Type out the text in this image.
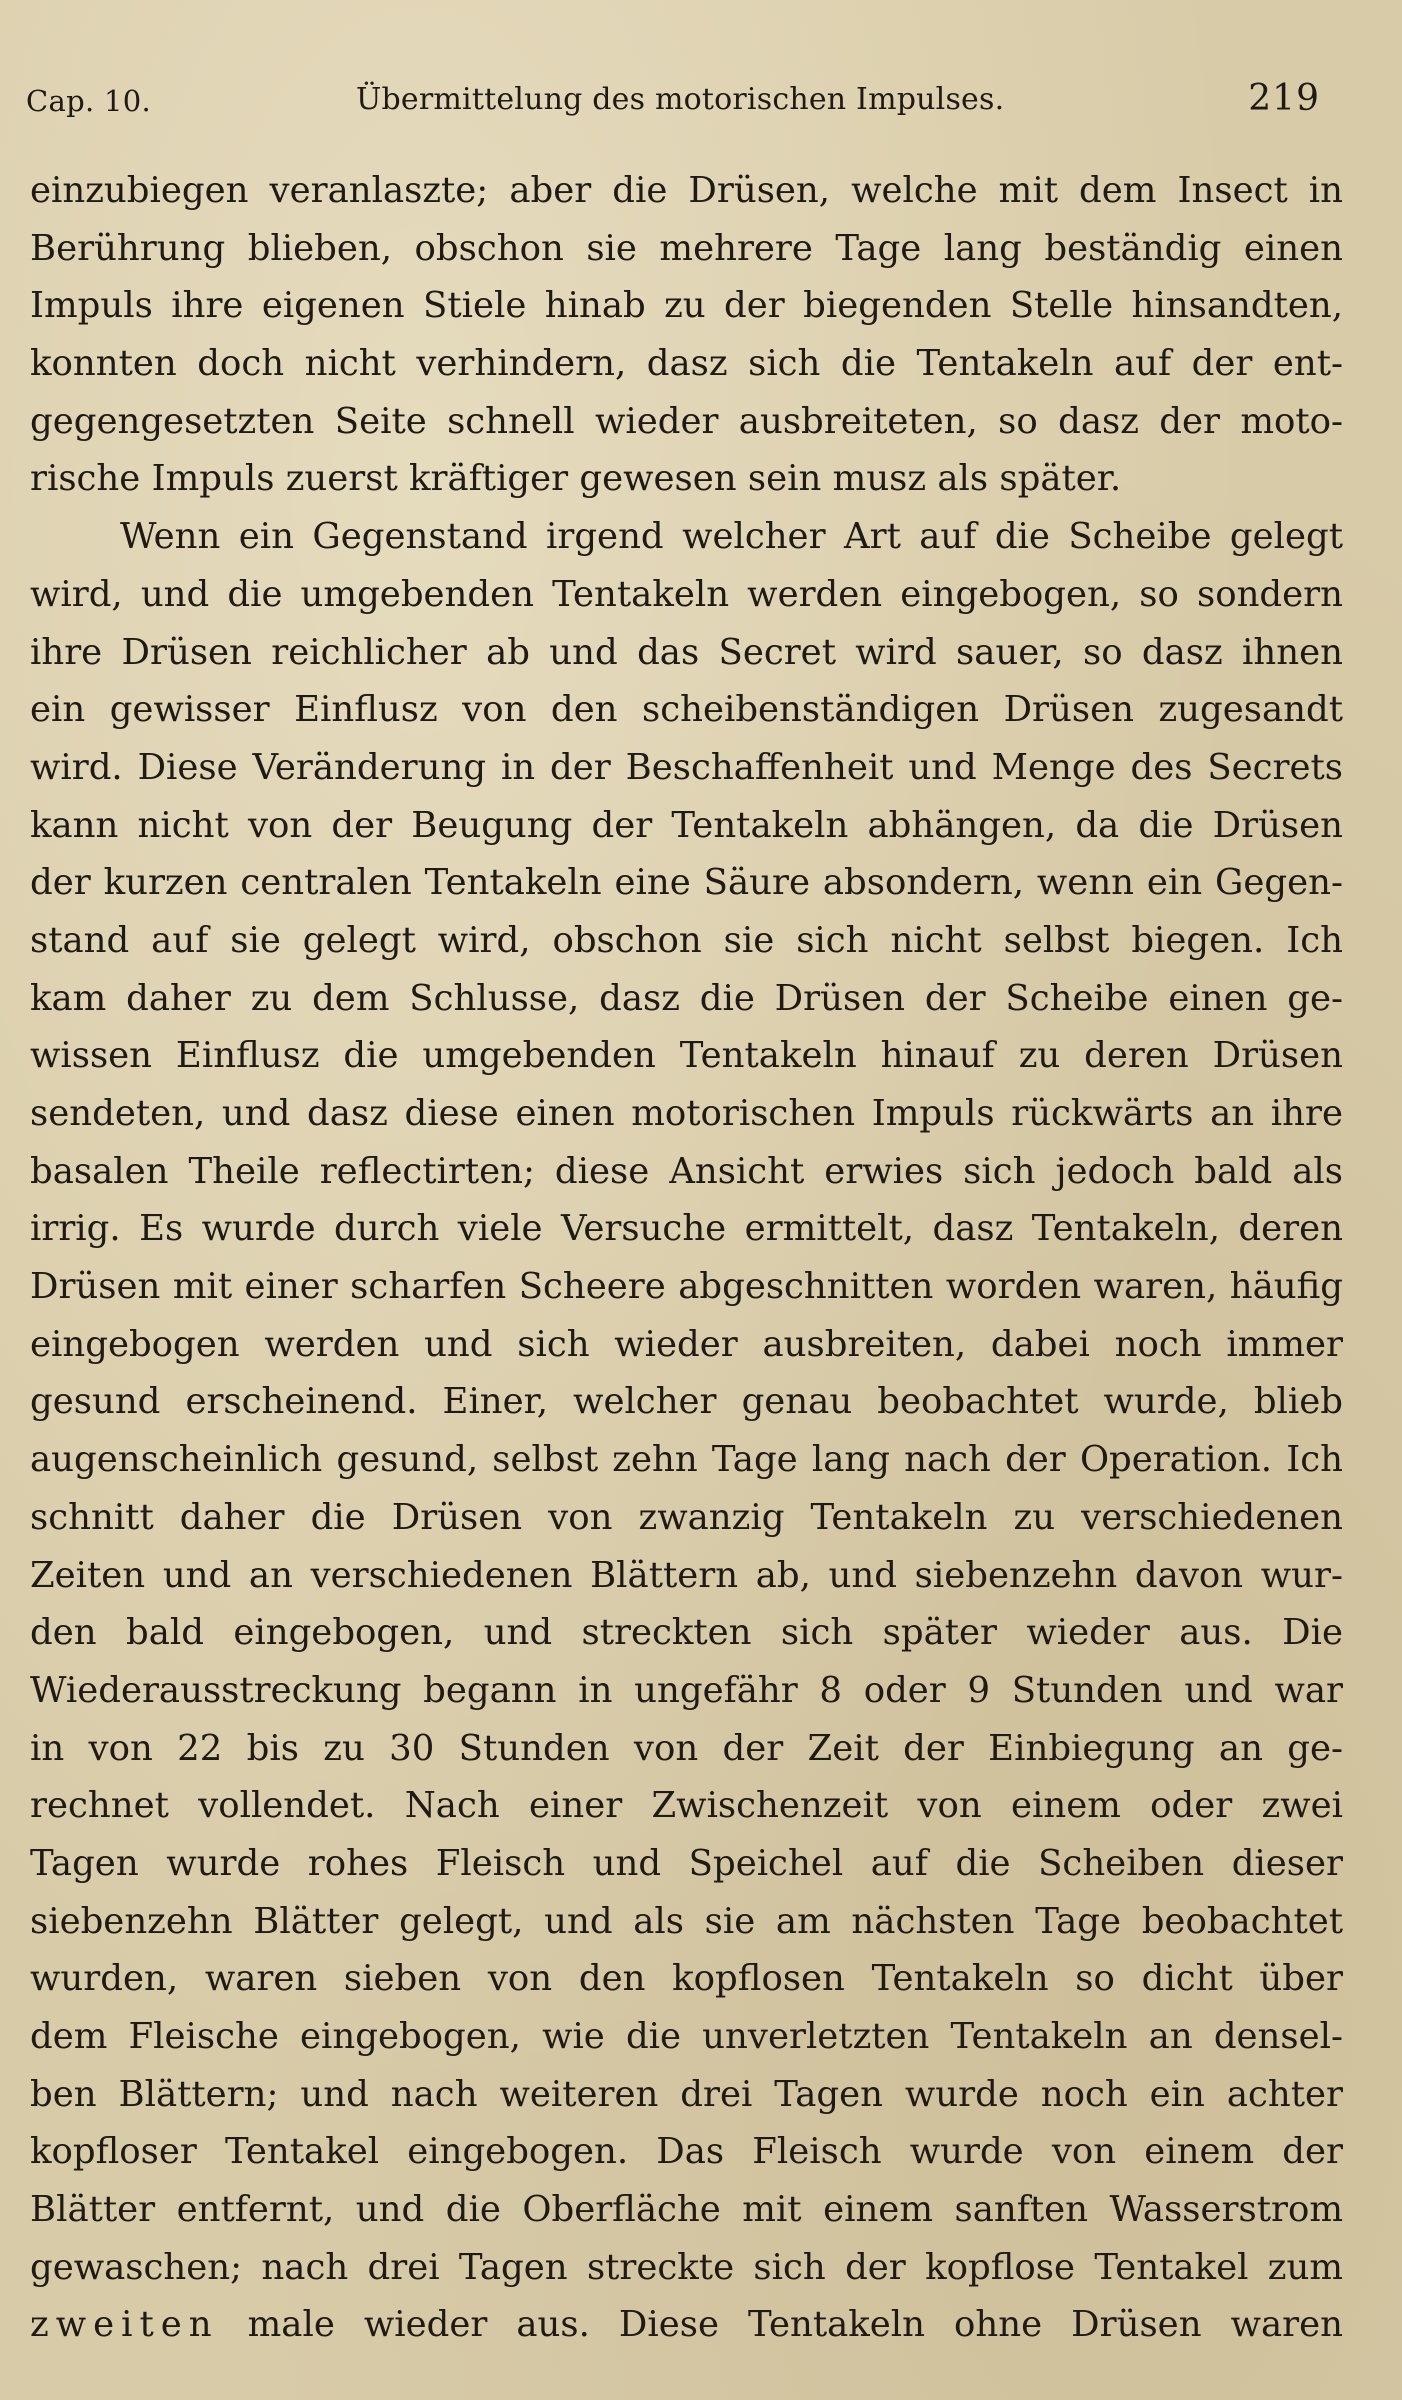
Cap. 10.	Übermittelung des motorischen Impulses.	219
einzubiegen veranlaszte; aber die Drüsen, welche mit dem Insect in
Berührung blieben, obschon sie mehrere Tage lang beständig einen
Impuls ihre eigenen Stiele hinab zu der biegenden Stelle hinsandten,
konnten doch nicht verhindern, dasz sich die Tentakeln auf der ent-
gegengesetzten Seite schnell wieder ausbreiteten, so dasz der moto-
rische Impuls zuerst kräftiger gewesen sein musz als später.
Wenn ein Gegenstand irgend welcher Art auf die Scheibe gelegt
wird, und die umgebenden Tentakeln werden eingebogen, so sondern
ihre Drüsen reichlicher ab und das Secret wird sauer, so dasz ihnen
ein gewisser Einflusz von den scheibenständigen Drüsen zugesandt
wird. Diese Veränderung in der Beschaffenheit und Menge des Secrets
kann nicht von der Beugung der Tentakeln abhängen, da die Drüsen
der kurzen centralen Tentakeln eine Säure absondern, wenn ein Gegen-
stand auf sie gelegt wird, obschon sie sich nicht selbst biegen. Ich
kam daher zu dem Schlusse, dasz die Drüsen der Scheibe einen ge-
wissen Einflusz die umgebenden Tentakeln hinauf zu deren Drüsen
sendeten, und dasz diese einen motorischen Impuls rückwärts an ihre
basalen Theile reflectirten; diese Ansicht erwies sich jedoch bald als
irrig. Es wurde durch viele Versuche ermittelt, dasz Tentakeln, deren
Drüsen mit einer scharfen Scheere abgeschnitten worden waren, häufig
eingebogen werden und sich wieder ausbreiten, dabei noch immer
gesund erscheinend. Einer, welcher genau beobachtet wurde, blieb
augenscheinlich gesund, selbst zehn Tage lang nach der Operation. Ich
schnitt daher die Drüsen von zwanzig Tentakeln zu verschiedenen
Zeiten und an verschiedenen Blättern ab, und siebenzehn davon wur-
den bald eingebogen, und streckten sich später wieder aus. Die
Wiederausstreckung begann in ungefähr 8 oder 9 Stunden und war
in von 22 bis zu 30 Stunden von der Zeit der Einbiegung an ge-
rechnet vollendet. Nach einer Zwischenzeit von einem oder zwei
Tagen wurde rohes Fleisch und Speichel auf die Scheiben dieser
siebenzehn Blätter gelegt, und als sie am nächsten Tage beobachtet
wurden, waren sieben von den kopflosen Tentakeln so dicht über
dem Fleische eingebogen, wie die unverletzten Tentakeln an densel-
ben Blättern; und nach weiteren drei Tagen wurde noch ein achter
kopfloser Tentakel eingebogen. Das Fleisch wurde von einem der
Blätter entfernt, und die Oberfläche mit einem sanften Wasserstrom
gewaschen; nach drei Tagen streckte sich der kopflose Tentakel zum
zweiten male wieder aus. Diese Tentakeln ohne Drüsen waren
